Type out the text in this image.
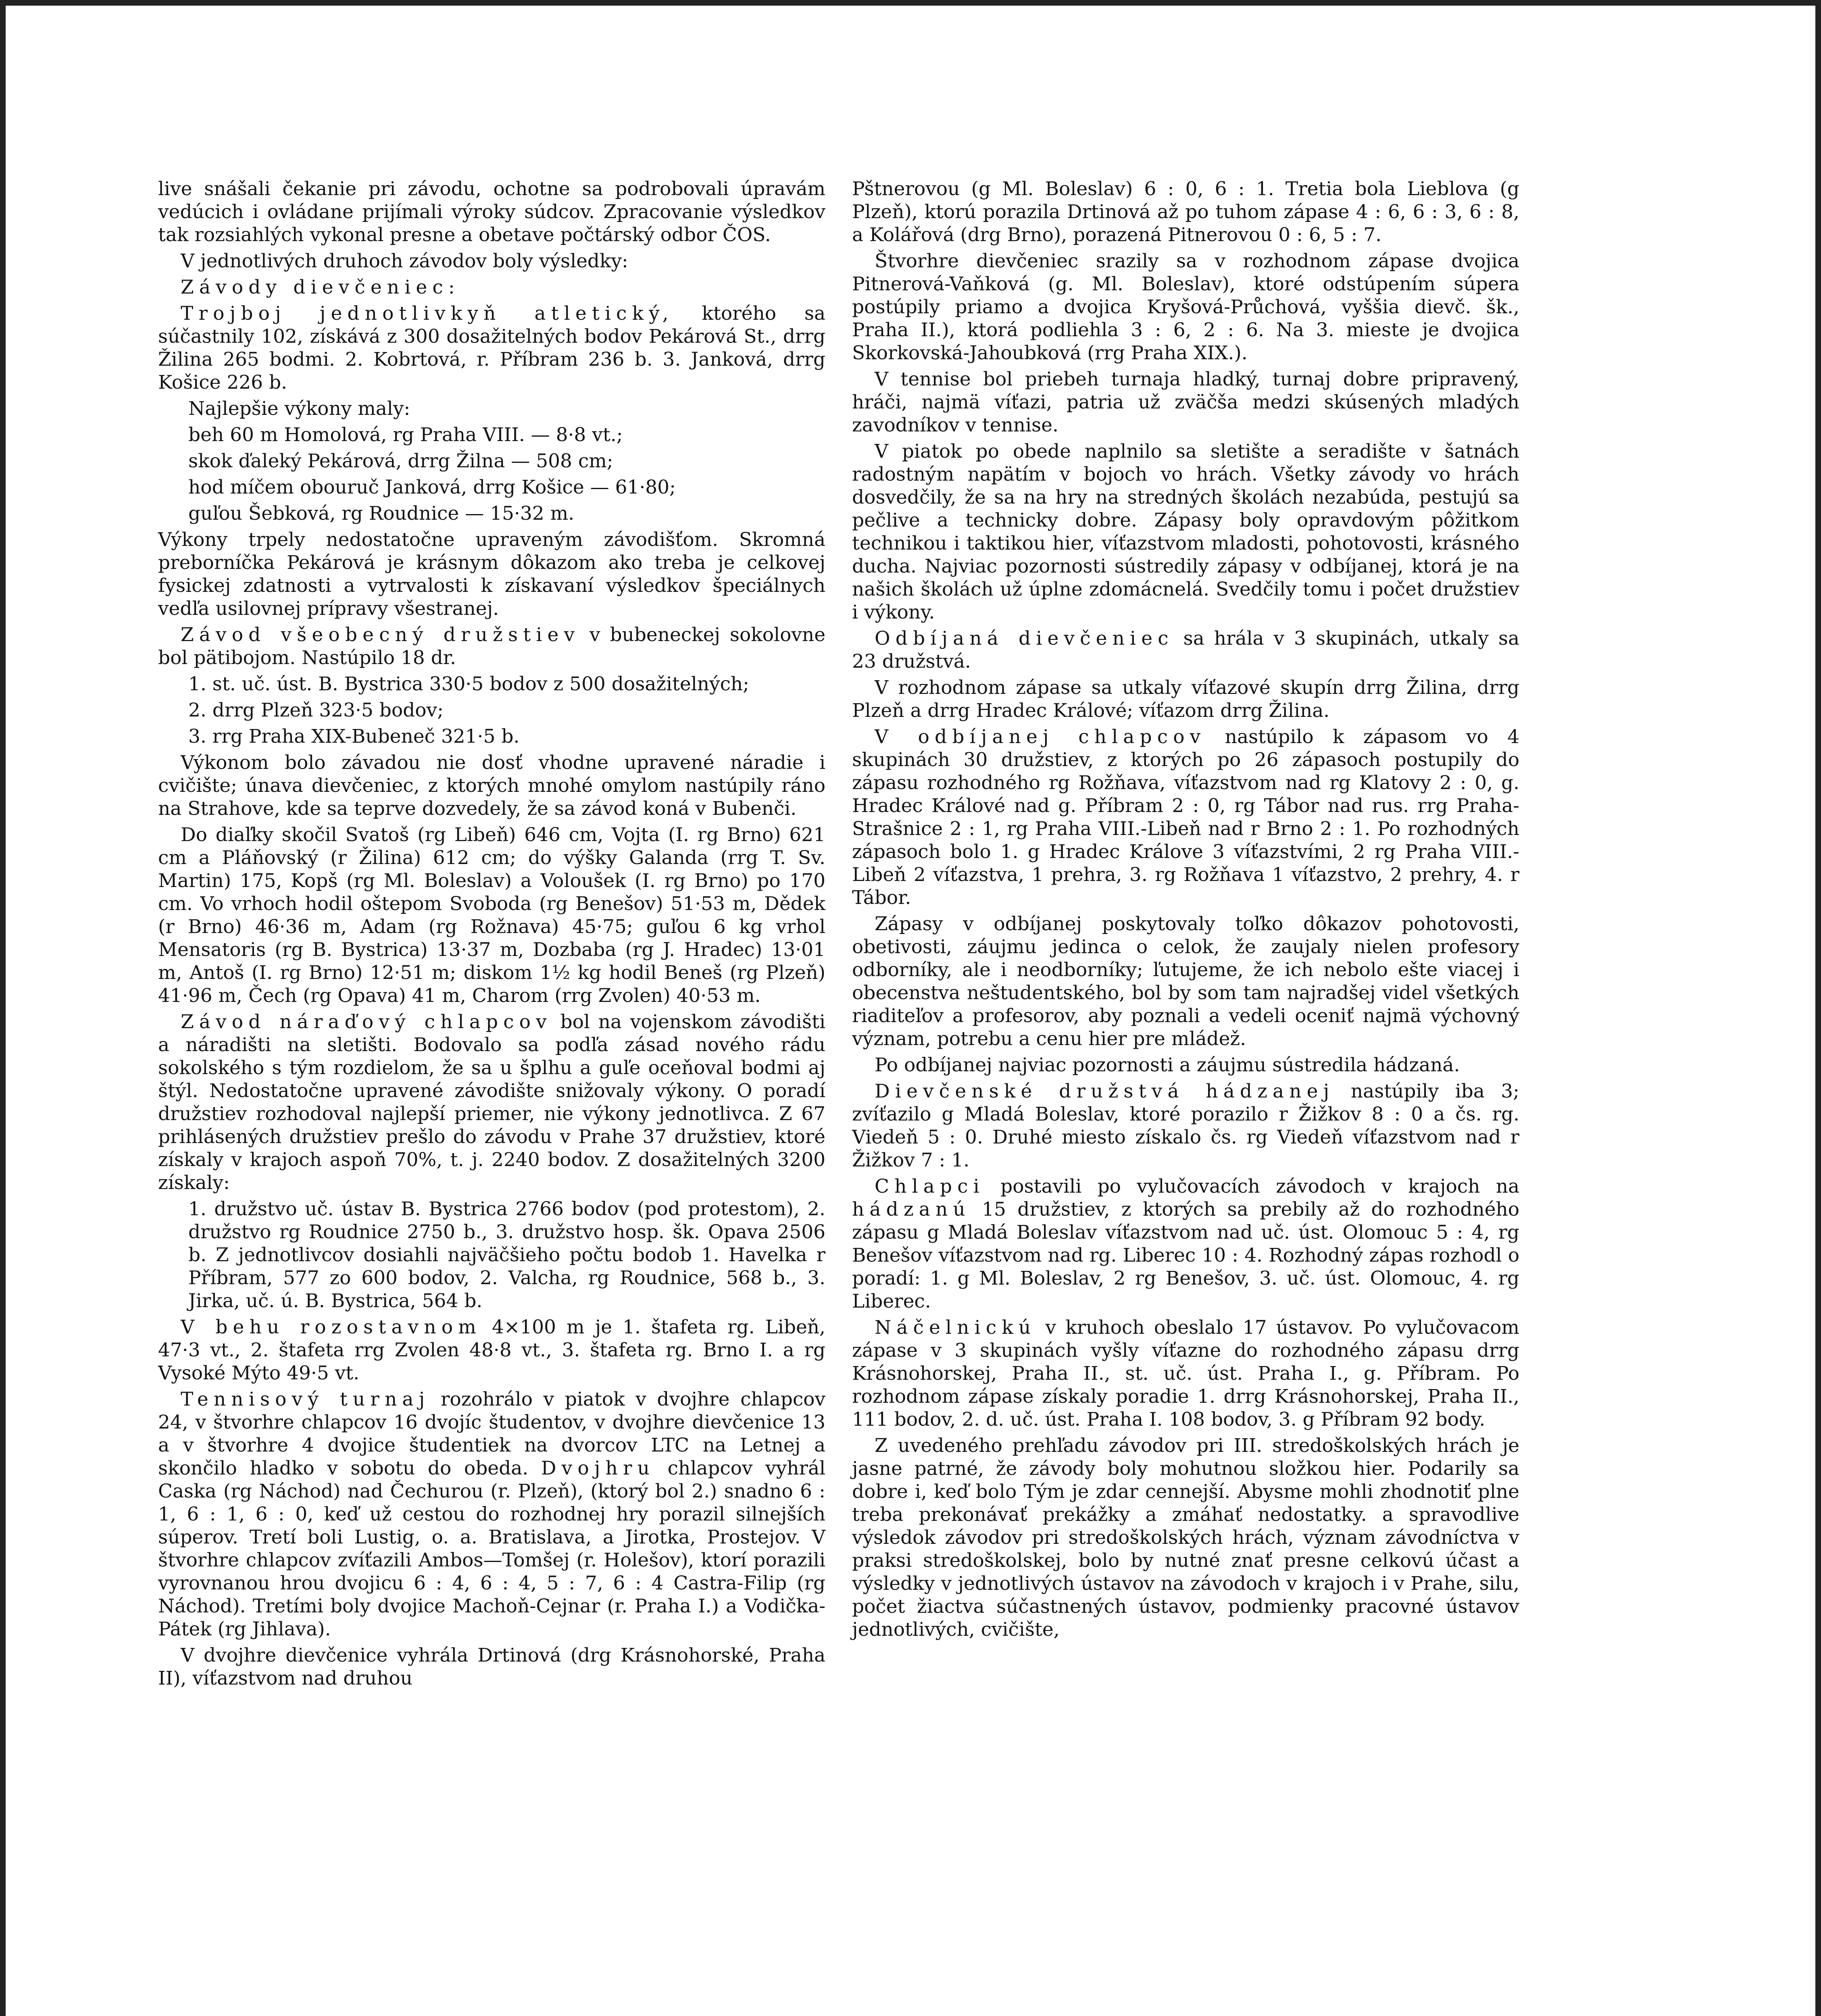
live snášali čekanie pri závodu, ochotne sa podrobovali úpravám vedúcich i ovládane prijímali výroky súdcov. Zpracovanie výsledkov tak rozsiahlých vykonal presne a obetave počtárský odbor ČOS.

V jednotlivých druhoch závodov boly výsledky:

Závody dievčeniec:

Trojboj jednotlivkyň atletický, ktorého sa súčastnily 102, získává z 300 dosažitelných bodov Pekárová St., drrg Žilina 265 bodmi. 2. Kobrtová, r. Příbram 236 b. 3. Janková, drrg Košice 226 b.

Najlepšie výkony maly:

beh 60 m Homolová, rg Praha VIII. — 8·8 vt.;

skok ďaleký Pekárová, drrg Žilna — 508 cm;

hod míčem obouruč Janková, drrg Košice — 61·80;

guľou Šebková, rg Roudnice — 15·32 m.

Výkony trpely nedostatočne upraveným závodišťom. Skromná preborníčka Pekárová je krásnym dôkazom ako treba je celkovej fysickej zdatnosti a vytrvalosti k získavaní výsledkov špeciálnych vedľa usilovnej prípravy všestranej.

Závod všeobecný družstiev v bubeneckej sokolovne bol pätibojom. Nastúpilo 18 dr.

1. st. uč. úst. B. Bystrica 330·5 bodov z 500 dosažitelných;

2. drrg Plzeň 323·5 bodov;

3. rrg Praha XIX-Bubeneč 321·5 b.

Výkonom bolo závadou nie dosť vhodne upravené náradie i cvičište; únava dievčeniec, z ktorých mnohé omylom nastúpily ráno na Strahove, kde sa teprve dozvedely, že sa závod koná v Bubenči.

Do diaľky skočil Svatoš (rg Libeň) 646 cm, Vojta (I. rg Brno) 621 cm a Pláňovský (r Žilina) 612 cm; do výšky Galanda (rrg T. Sv. Martin) 175, Kopš (rg Ml. Boleslav) a Voloušek (I. rg Brno) po 170 cm. Vo vrhoch hodil oštepom Svoboda (rg Benešov) 51·53 m, Dědek (r Brno) 46·36 m, Adam (rg Rožnava) 45·75; guľou 6 kg vrhol Mensatoris (rg B. Bystrica) 13·37 m, Dozbaba (rg J. Hradec) 13·01 m, Antoš (I. rg Brno) 12·51 m; diskom 1½ kg hodil Beneš (rg Plzeň) 41·96 m, Čech (rg Opava) 41 m, Charom (rrg Zvolen) 40·53 m.

Závod náraďový chlapcov bol na vojenskom závodišti a náradišti na sletišti. Bodovalo sa podľa zásad nového rádu sokolského s tým rozdielom, že sa u šplhu a guľe oceňoval bodmi aj štýl. Nedostatočne upravené závodište snižovaly výkony. O poradí družstiev rozhodoval najlepší priemer, nie výkony jednotlivca. Z 67 prihlásených družstiev prešlo do závodu v Prahe 37 družstiev, ktoré získaly v krajoch aspoň 70%, t. j. 2240 bodov. Z dosažitelných 3200 získaly:

1. družstvo uč. ústav B. Bystrica 2766 bodov (pod protestom), 2. družstvo rg Roudnice 2750 b., 3. družstvo hosp. šk. Opava 2506 b. Z jednotlivcov dosiahli najväčšieho počtu bodob 1. Havelka r Příbram, 577 zo 600 bodov, 2. Valcha, rg Roudnice, 568 b., 3. Jirka, uč. ú. B. Bystrica, 564 b.

V behu rozostavnom 4×100 m je 1. štafeta rg. Libeň, 47·3 vt., 2. štafeta rrg Zvolen 48·8 vt., 3. štafeta rg. Brno I. a rg Vysoké Mýto 49·5 vt.

Tennisový turnaj rozohrálo v piatok v dvojhre chlapcov 24, v štvorhre chlapcov 16 dvojíc študentov, v dvojhre dievčenice 13 a v štvorhre 4 dvojice študentiek na dvorcov LTC na Letnej a skončilo hladko v sobotu do obeda. Dvojhru chlapcov vyhrál Caska (rg Náchod) nad Čechurou (r. Plzeň), (ktorý bol 2.) snadno 6 : 1, 6 : 1, 6 : 0, keď už cestou do rozhodnej hry porazil silnejších súperov. Tretí boli Lustig, o. a. Bratislava, a Jirotka, Prostejov. V štvorhre chlapcov zvíťazili Ambos—Tomšej (r. Holešov), ktorí porazili vyrovnanou hrou dvojicu 6 : 4, 6 : 4, 5 : 7, 6 : 4 Castra-Filip (rg Náchod). Tretími boly dvojice Machoň-Cejnar (r. Praha I.) a Vodička-Pátek (rg Jihlava).

V dvojhre dievčenice vyhrála Drtinová (drg Krásnohorské, Praha II), víťazstvom nad druhou

Pštnerovou (g Ml. Boleslav) 6 : 0, 6 : 1. Tretia bola Lieblova (g Plzeň), ktorú porazila Drtinová až po tuhom zápase 4 : 6, 6 : 3, 6 : 8, a Kolářová (drg Brno), porazená Pitnerovou 0 : 6, 5 : 7.

Štvorhre dievčeniec srazily sa v rozhodnom zápase dvojica Pitnerová-Vaňková (g. Ml. Boleslav), ktoré odstúpením súpera postúpily priamo a dvojica Kryšová-Průchová, vyššia dievč. šk., Praha II.), ktorá podliehla 3 : 6, 2 : 6. Na 3. mieste je dvojica Skorkovská-Jahoubková (rrg Praha XIX.).

V tennise bol priebeh turnaja hladký, turnaj dobre pripravený, hráči, najmä víťazi, patria už zväčša medzi skúsených mladých zavodníkov v tennise.

V piatok po obede naplnilo sa sletište a seradište v šatnách radostným napätím v bojoch vo hrách. Všetky závody vo hrách dosvedčily, že sa na hry na stredných školách nezabúda, pestujú sa pečlive a technicky dobre. Zápasy boly opravdovým pôžitkom technikou i taktikou hier, víťazstvom mladosti, pohotovosti, krásného ducha. Najviac pozornosti sústredily zápasy v odbíjanej, ktorá je na našich školách už úplne zdomácnelá. Svedčily tomu i počet družstiev i výkony.

Odbíjaná dievčeniec sa hrála v 3 skupinách, utkaly sa 23 družstvá.

V rozhodnom zápase sa utkaly víťazové skupín drrg Žilina, drrg Plzeň a drrg Hradec Králové; víťazom drrg Žilina.

V odbíjanej chlapcov nastúpilo k zápasom vo 4 skupinách 30 družstiev, z ktorých po 26 zápasoch postupily do zápasu rozhodného rg Rožňava, víťazstvom nad rg Klatovy 2 : 0, g. Hradec Králové nad g. Příbram 2 : 0, rg Tábor nad rus. rrg Praha-Strašnice 2 : 1, rg Praha VIII.-Libeň nad r Brno 2 : 1. Po rozhodných zápasoch bolo 1. g Hradec Králove 3 víťazstvími, 2 rg Praha VIII.-Libeň 2 víťazstva, 1 prehra, 3. rg Rožňava 1 víťazstvo, 2 prehry, 4. r Tábor.

Zápasy v odbíjanej poskytovaly toľko dôkazov pohotovosti, obetivosti, záujmu jedinca o celok, že zaujaly nielen profesory odborníky, ale i neodborníky; ľutujeme, že ich nebolo ešte viacej i obecenstva neštudentského, bol by som tam najradšej videl všetkých riaditeľov a profesorov, aby poznali a vedeli oceniť najmä výchovný význam, potrebu a cenu hier pre mládež.

Po odbíjanej najviac pozornosti a záujmu sústredila hádzaná.

Dievčenské družstvá hádzanej nastúpily iba 3; zvíťazilo g Mladá Boleslav, ktoré porazilo r Žižkov 8 : 0 a čs. rg. Viedeň 5 : 0. Druhé miesto získalo čs. rg Viedeň víťazstvom nad r Žižkov 7 : 1.

Chlapci postavili po vylučovacích závodoch v krajoch na hádzanú 15 družstiev, z ktorých sa prebily až do rozhodného zápasu g Mladá Boleslav víťazstvom nad uč. úst. Olomouc 5 : 4, rg Benešov víťazstvom nad rg. Liberec 10 : 4. Rozhodný zápas rozhodl o poradí: 1. g Ml. Boleslav, 2 rg Benešov, 3. uč. úst. Olomouc, 4. rg Liberec.

Náčelnickú v kruhoch obeslalo 17 ústavov. Po vylučovacom zápase v 3 skupinách vyšly víťazne do rozhodného zápasu drrg Krásnohorskej, Praha II., st. uč. úst. Praha I., g. Příbram. Po rozhodnom zápase získaly poradie 1. drrg Krásnohorskej, Praha II., 111 bodov, 2. d. uč. úst. Praha I. 108 bodov, 3. g Příbram 92 body.

Z uvedeného prehľadu závodov pri III. stredoškolských hrách je jasne patrné, že závody boly mohutnou složkou hier. Podarily sa dobre i, keď bolo Tým je zdar cennejší. Abysme mohli zhodnotiť plne treba prekonávať prekážky a zmáhať nedostatky. a spravodlive výsledok závodov pri stredoškolských hrách, význam závodníctva v praksi stredoškolskej, bolo by nutné znať presne celkovú účast a výsledky v jednotlivých ústavov na závodoch v krajoch i v Prahe, silu, počet žiactva súčastnených ústavov, podmienky pracovné ústavov jednotlivých, cvičište,
